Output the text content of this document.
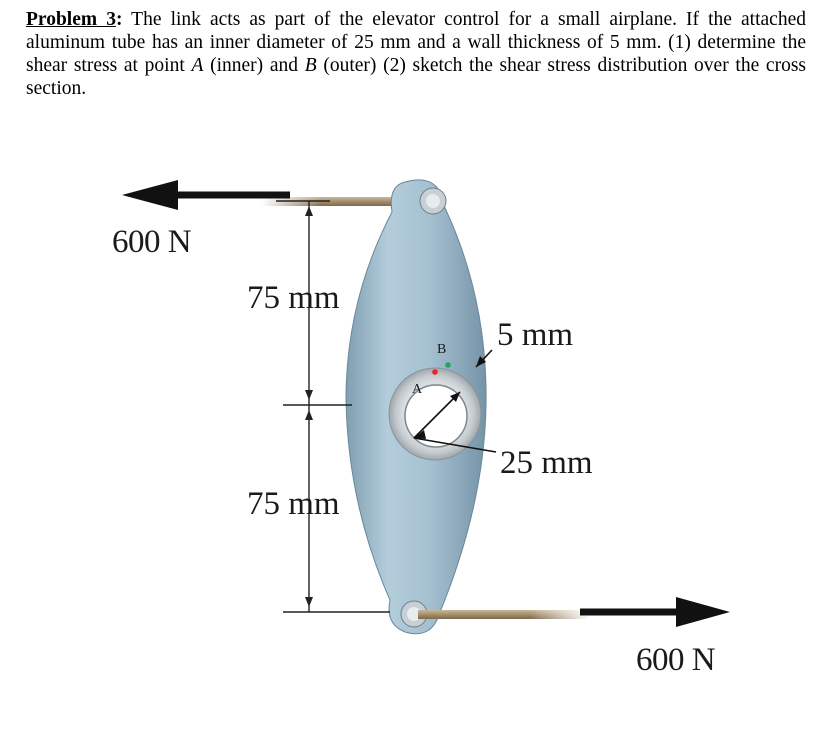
Problem 3: The link acts as part of the elevator control for a small airplane. If the attached aluminum tube has an inner diameter of 25 mm and a wall thickness of 5 mm. (1) determine the shear stress at point A (inner) and B (outer) (2) sketch the shear stress distribution over the cross section.
600 N
600 N
75 mm
75 mm
5 mm
25 mm
A
B
